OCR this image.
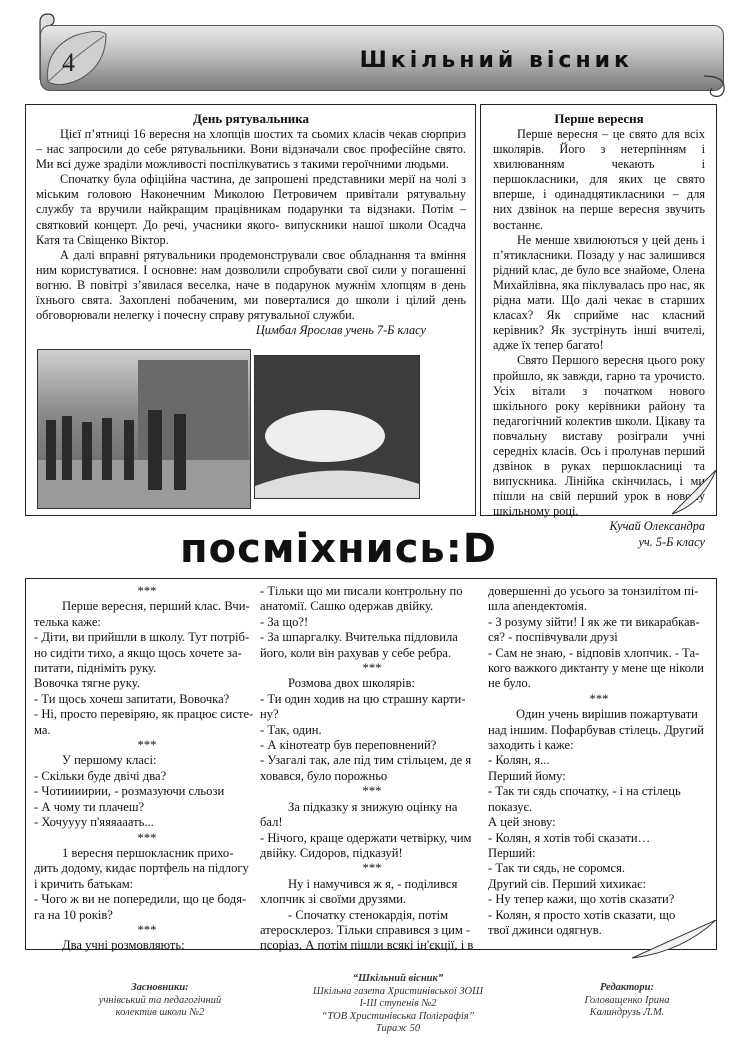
4	Шкільний вісник
День рятувальника

Цієї п’ятниці 16 вересня на хлопців шостих та сьомих класів чекав сюрприз – нас запросили до себе рятувальники. Вони відзначали своє професійне свято. Ми всі дуже зраділи можливості поспілкуватись з такими героїчними людьми.

Спочатку була офіційна частина, де запрошені представники мерії на чолі з міським головою Наконечним Миколою Петровичем привітали рятувальну службу та вручили найкращим працівникам подарунки та відзнаки. Потім – святковий концерт. До речі, учасники якого- випускники нашої школи Осадча Катя та Свіщенко Віктор.

А далі вправні рятувальники продемонстрували своє обладнання та вміння ним користуватися. І основне: нам дозволили спробувати свої сили у погашенні вогню. В повітрі з’явилася веселка, наче в подарунок мужнім хлопцям в день їхнього свята. Захоплені побаченим, ми поверталися до школи і цілий день обговорювали нелегку і почесну справу рятувальної служби.

Цимбал Ярослав учень 7-Б класу
Перше вересня

Перше вересня – це свято для всіх школярів. Його з нетерпінням і хвилюванням чекають і першокласники, для яких це свято вперше, і одинадцятикласники – для них дзвінок на перше вересня звучить востаннє.

Не менше хвилюються у цей день і п’ятикласники. Позаду у нас залишився рідний клас, де було все знайоме, Олена Михайлівна, яка піклувалась про нас, як рідна мати. Що далі чекає в старших класах? Як сприйме нас класний керівник? Як зустрінуть інші вчителі, адже їх тепер багато!

Свято Першого вересня цього року пройшло, як завжди, гарно та урочисто. Усіх вітали з початком нового шкільного року керівники району та педагогічний колектив школи. Цікаву та повчальну виставу розіграли учні середніх класів. Ось і пролунав перший дзвінок в руках першокласниці та випускника. Лінійка скінчилась, і ми пішли на свій перший урок в новому шкільному році.

Кучай Олександра
уч. 5-Б класу
посміхнись:D
***
Перше вересня, перший клас. Вчи-
телька каже:
- Діти, ви прийшли в школу. Тут потріб-
но сидіти тихо, а якщо щось хочете за-
питати, підніміть руку.
Вовочка тягне руку.
- Ти щось хочеш запитати, Вовочка?
- Ні, просто перевіряю, як працює систе-
ма.
***
У першому класі:
- Скільки буде двічі два?
- Чотиииирии, - розмазуючи сльози
- А чому ти плачеш?
- Хочуууу п'яяяааать...
***
1 вересня першокласник прихо-
дить додому, кидає портфель на підлогу
і кричить батькам:
- Чого ж ви не попередили, що це бодя-
га на 10 років?
***
Два учні розмовляють:
- Тільки що ми писали контрольну по
анатомії. Сашко одержав двійку.
- За що?!
- За шпаргалку. Вчителька підловила
його, коли він рахував у себе ребра.
***
Розмова двох школярів:
- Ти один ходив на цю страшну карти-
ну?
- Так, один.
- А кінотеатр був переповнений?
- Узагалі так, але під тим стільцем, де я
ховався, було порожньо
***
За підказку я знижую оцінку на
бал!
- Нічого, краще одержати четвірку, чим
двійку. Сидоров, підказуй!
***
Ну і намучився ж я, - поділився
хлопчик зі своїми друзями.
- Спочатку стенокардія, потім
атеросклероз. Тільки справився з цим -
псоріаз. А потім пішли всякі ін'єкції, і в
довершенні до усього за тонзилітом пі-
шла апендектомія.
- З розуму зійти! І як же ти викарабкав-
ся? - поспівчували друзі
- Сам не знаю, - відповів хлопчик. - Та-
кого важкого диктанту у мене ще ніколи
не було.
***
Один учень вирішив пожартувати
над іншим. Пофарбував стілець. Другий
заходить і каже:
- Колян, я...
Перший йому:
- Так ти сядь спочатку, - і на стілець
показує.
А цей знову:
- Колян, я хотів тобі сказати…
Перший:
- Так ти сядь, не соромся.
Другий сів. Перший хихикає:
- Ну тепер кажи, що хотів сказати?
- Колян, я просто хотів сказати, що
твої джинси одягнув.
Засновники:
учнівський та педагогічний
колектив школи №2
“Шкільний вісник”
Шкільна газета Христинівської ЗОШ
І-ІІІ ступенів №2
“ТОВ Христинівська Поліграфія”
Тираж 50
Редактори:
Головащенко Ірина
Калиндрузь Л.М.
